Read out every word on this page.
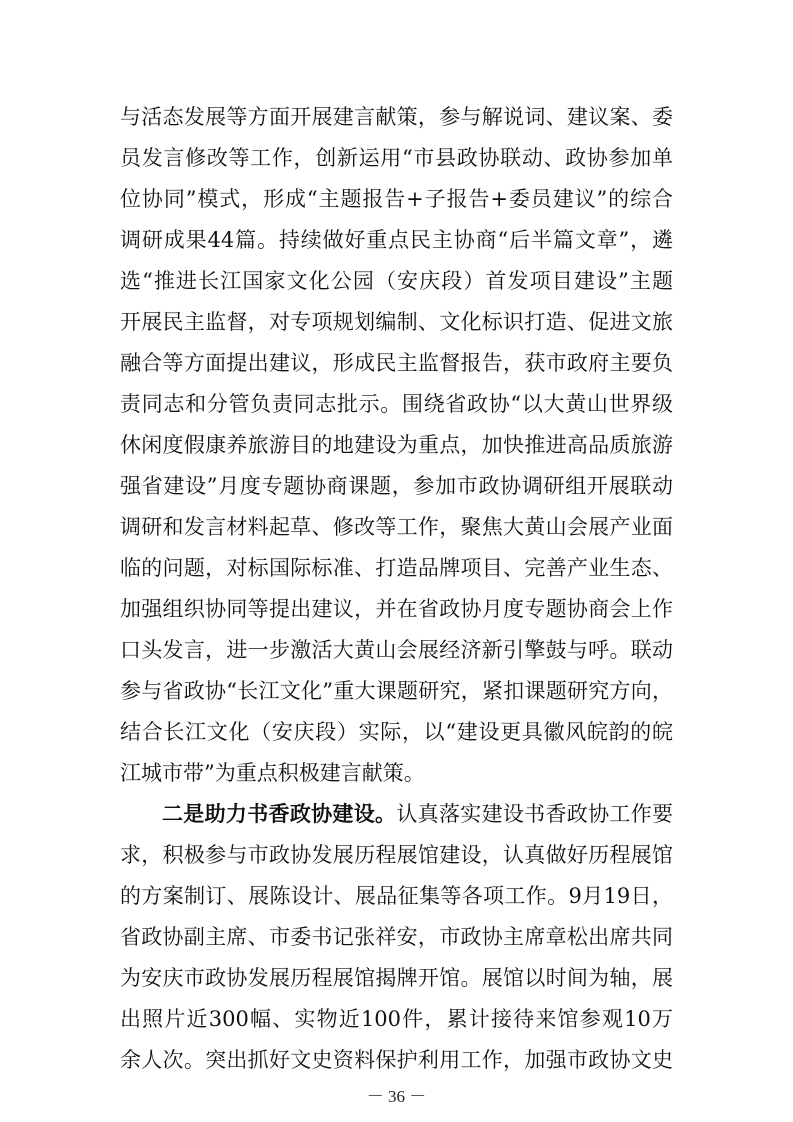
与活态发展等方面开展建言献策，参与解说词、建议案、委
员发言修改等工作，创新运用“市县政协联动、政协参加单
位协同”模式，形成“主题报告+子报告+委员建议”的综合
调研成果44篇。持续做好重点民主协商“后半篇文章”，遴
选“推进长江国家文化公园（安庆段）首发项目建设”主题
开展民主监督，对专项规划编制、文化标识打造、促进文旅
融合等方面提出建议，形成民主监督报告，获市政府主要负
责同志和分管负责同志批示。围绕省政协“以大黄山世界级
休闲度假康养旅游目的地建设为重点，加快推进高品质旅游
强省建设”月度专题协商课题，参加市政协调研组开展联动
调研和发言材料起草、修改等工作，聚焦大黄山会展产业面
临的问题，对标国际标准、打造品牌项目、完善产业生态、
加强组织协同等提出建议，并在省政协月度专题协商会上作
口头发言，进一步激活大黄山会展经济新引擎鼓与呼。联动
参与省政协“长江文化”重大课题研究，紧扣课题研究方向，
结合长江文化（安庆段）实际，以“建设更具徽风皖韵的皖
江城市带”为重点积极建言献策。
二是助力书香政协建设。认真落实建设书香政协工作要
求，积极参与市政协发展历程展馆建设，认真做好历程展馆
的方案制订、展陈设计、展品征集等各项工作。9月19日，
省政协副主席、市委书记张祥安，市政协主席章松出席共同
为安庆市政协发展历程展馆揭牌开馆。展馆以时间为轴，展
出照片近300幅、实物近100件，累计接待来馆参观10万
余人次。突出抓好文史资料保护利用工作，加强市政协文史
－ 36 －
